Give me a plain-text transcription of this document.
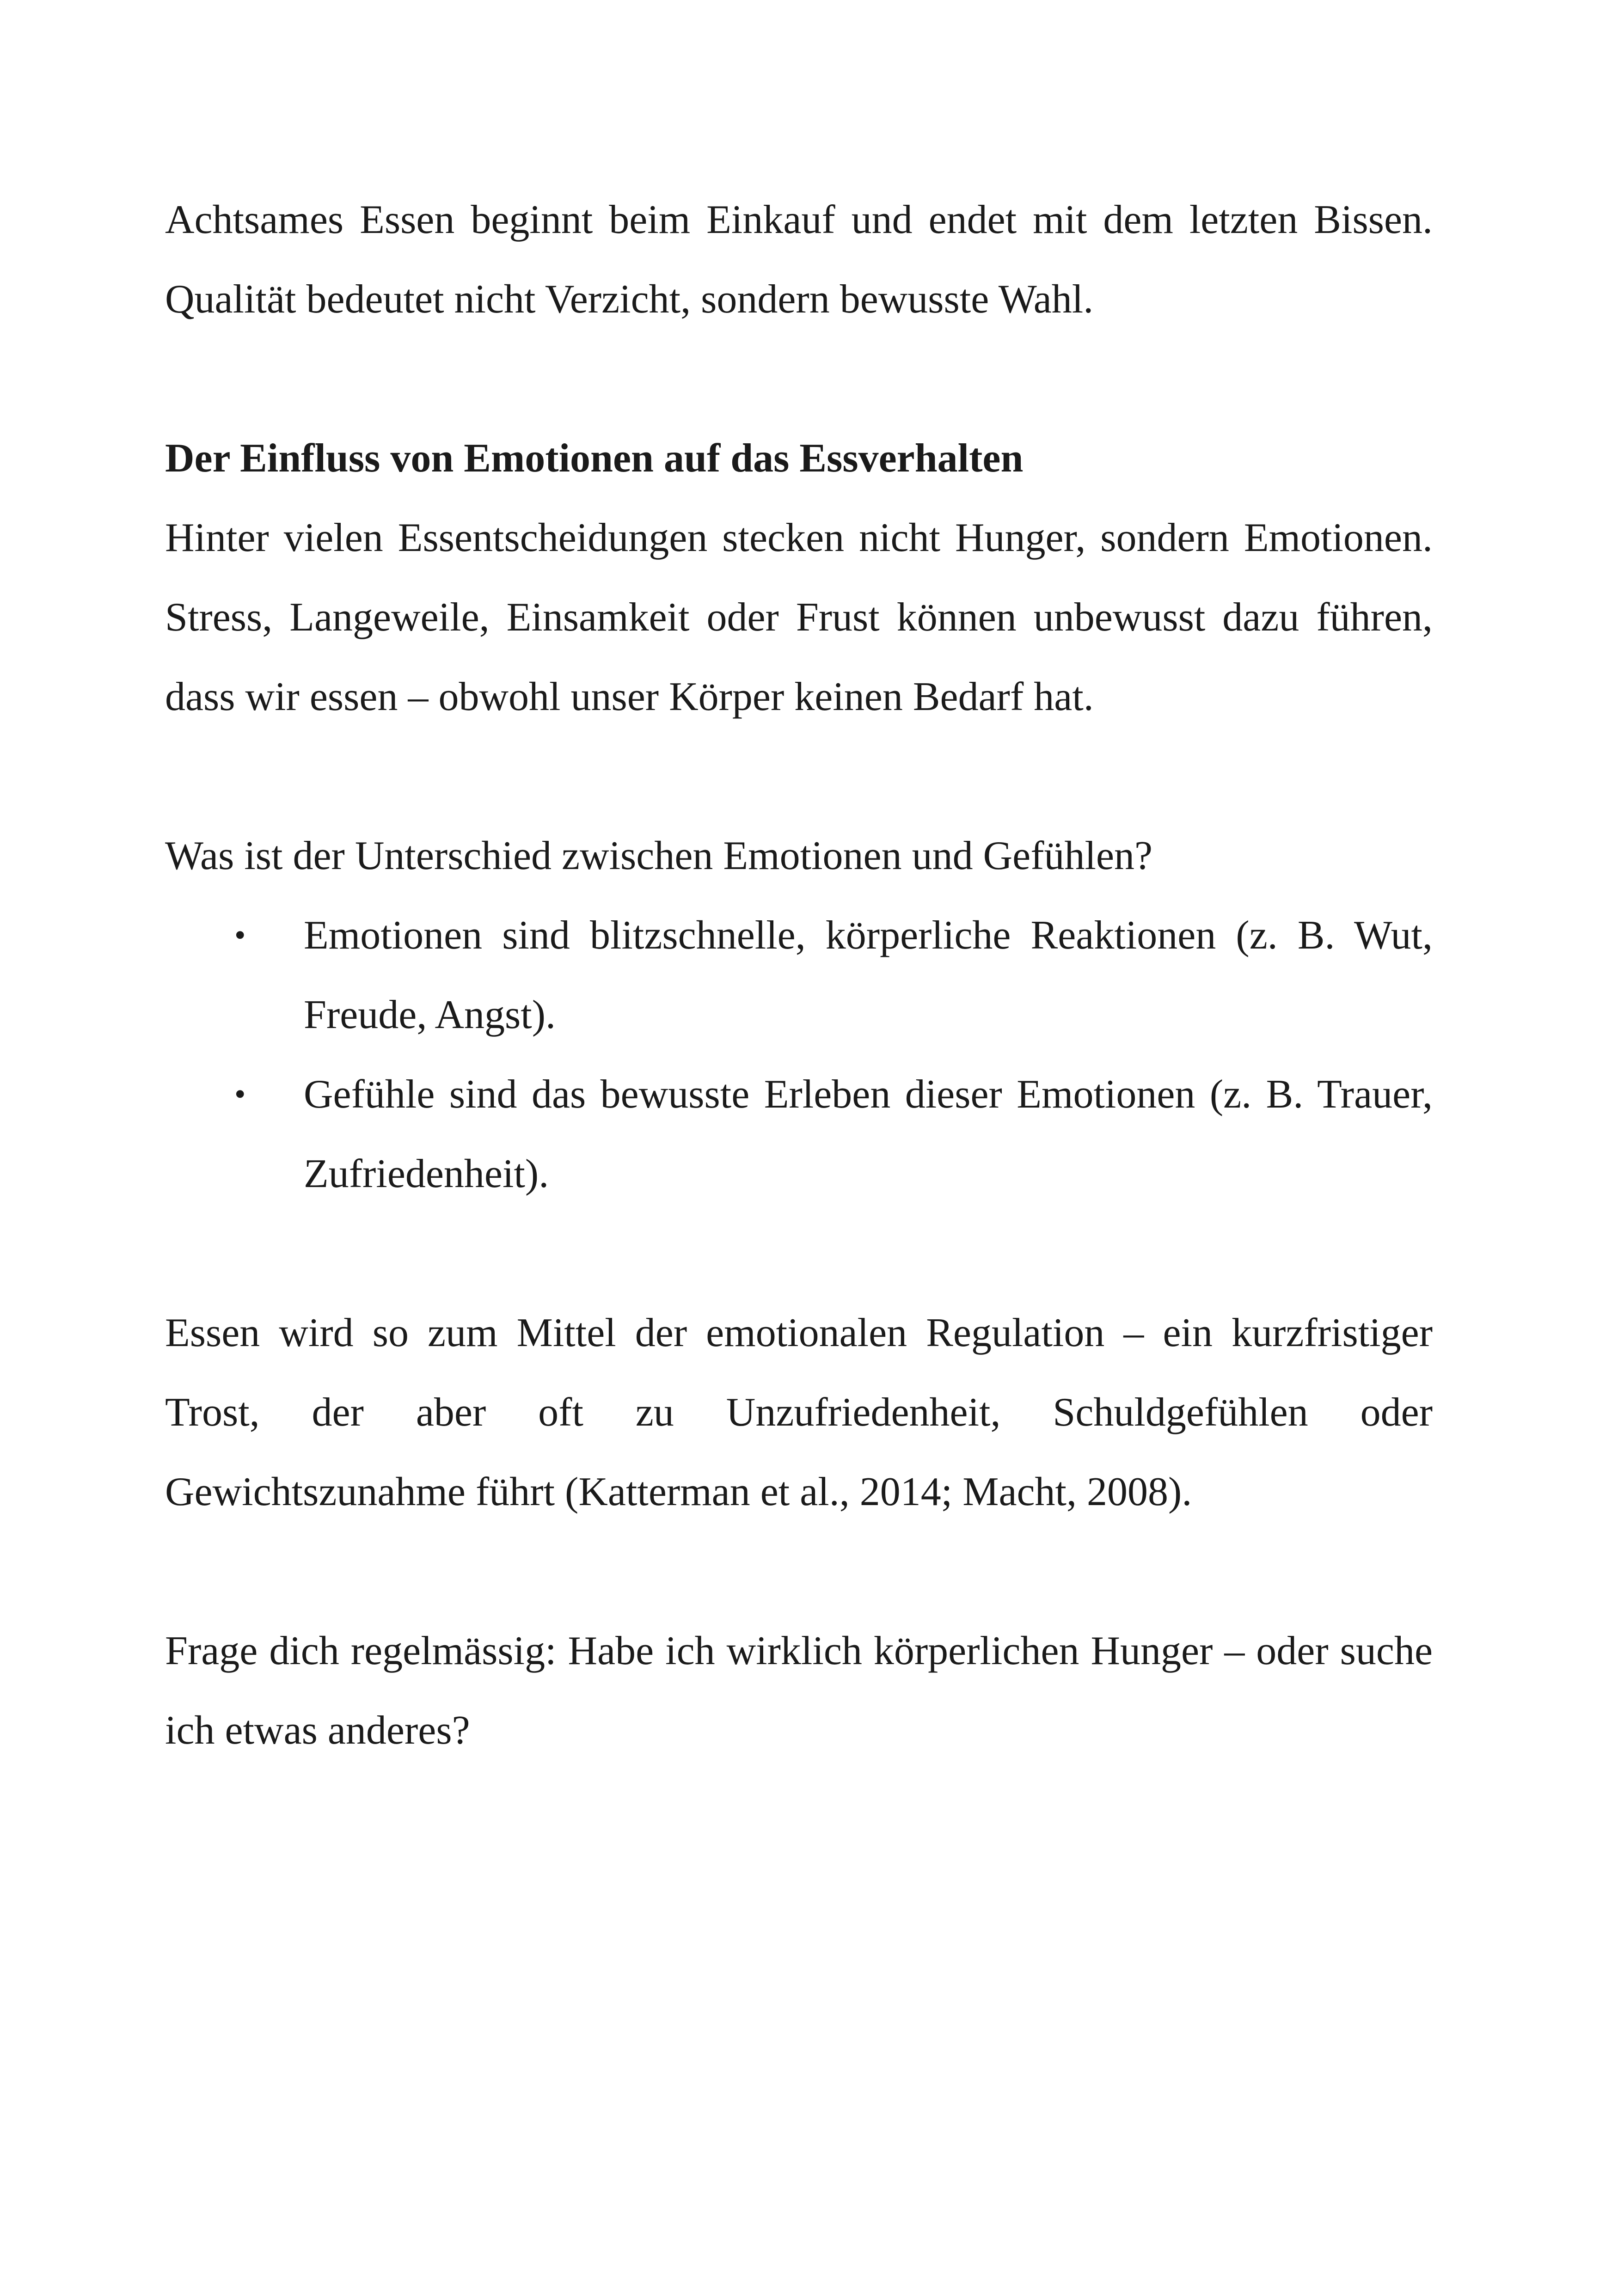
Achtsames Essen beginnt beim Einkauf und endet mit dem letzten Bissen. Qualität bedeutet nicht Verzicht, sondern bewusste Wahl.

Der Einfluss von Emotionen auf das Essverhalten

Hinter vielen Essentscheidungen stecken nicht Hunger, sondern Emotionen. Stress, Langeweile, Einsamkeit oder Frust können unbewusst dazu führen, dass wir essen – obwohl unser Körper keinen Bedarf hat.

Was ist der Unterschied zwischen Emotionen und Gefühlen?

• Emotionen sind blitzschnelle, körperliche Reaktionen (z. B. Wut, Freude, Angst).
• Gefühle sind das bewusste Erleben dieser Emotionen (z. B. Trauer, Zufriedenheit).

Essen wird so zum Mittel der emotionalen Regulation – ein kurzfristiger Trost, der aber oft zu Unzufriedenheit, Schuldgefühlen oder Gewichtszunahme führt (Katterman et al., 2014; Macht, 2008).

Frage dich regelmässig: Habe ich wirklich körperlichen Hunger – oder suche ich etwas anderes?
